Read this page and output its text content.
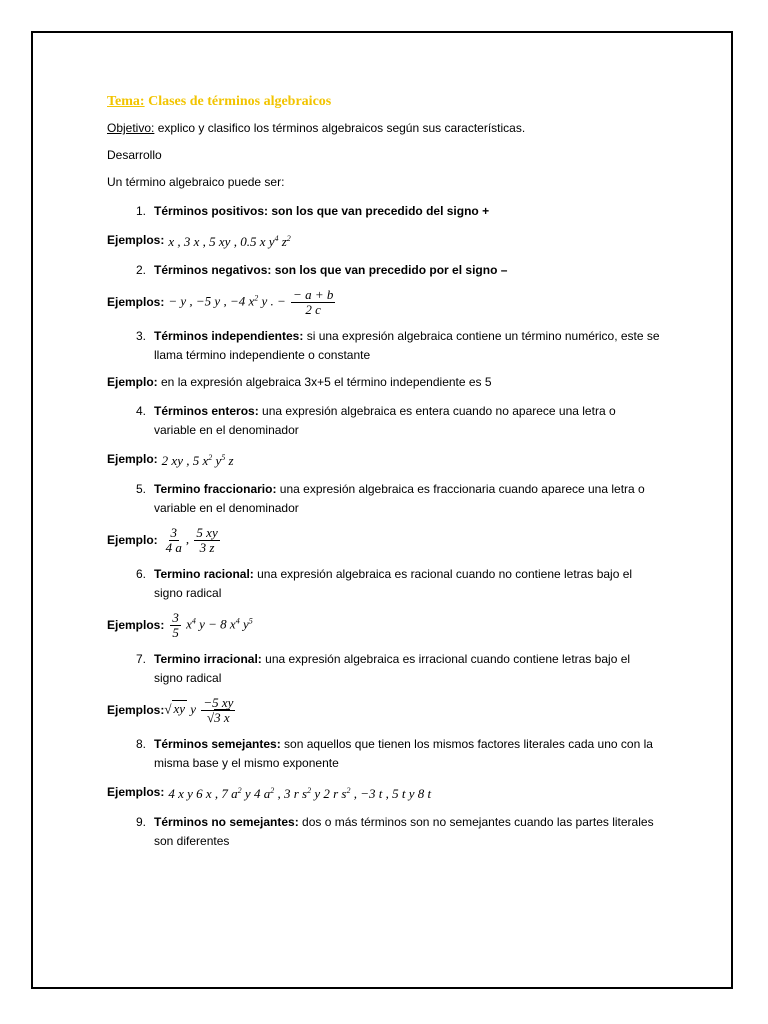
Tema: Clases de términos algebraicos

Objetivo: explico y clasifico los términos algebraicos según sus características.

Desarrollo

Un término algebraico puede ser:

1. Términos positivos: son los que van precedido del signo +
Ejemplos: x , 3 x , 5 xy , 0.5 x $y^4$ $z^2$
2. Términos negativos: son los que van precedido por el signo –
Ejemplos: − y , −5 y , −4 $x^2$ y . − $\frac{- a + b}{2 c}$
3. Términos independientes: si una expresión algebraica contiene un término numérico, este se llama término independiente o constante
Ejemplo: en la expresión algebraica 3x+5 el término independiente es 5
4. Términos enteros: una expresión algebraica es entera cuando no aparece una letra o variable en el denominador
Ejemplo: 2 xy , 5 $x^2$ $y^5$ z
5. Termino fraccionario: una expresión algebraica es fraccionaria cuando aparece una letra o variable en el denominador
Ejemplo: $\frac{3}{4 a}$ , $\frac{5 xy}{3 z}$
6. Termino racional: una expresión algebraica es racional cuando no contiene letras bajo el signo radical
Ejemplos: $\frac{3}{5} x^4$ y − 8 $x^4$ $y^5$
7. Termino irracional: una expresión algebraica es irracional cuando contiene letras bajo el signo radical
Ejemplos: √ xy y $\frac{-5 xy}{√3 x}$
8. Términos semejantes: son aquellos que tienen los mismos factores literales cada uno con la misma base y el mismo exponente
Ejemplos: 4 x y 6 x , 7 $a^2$ y 4 $a^2$ , 3 r $s^2$ y 2 r $s^2$ , −3 t , 5 t y 8 t
9. Términos no semejantes: dos o más términos son no semejantes cuando las partes literales son diferentes
